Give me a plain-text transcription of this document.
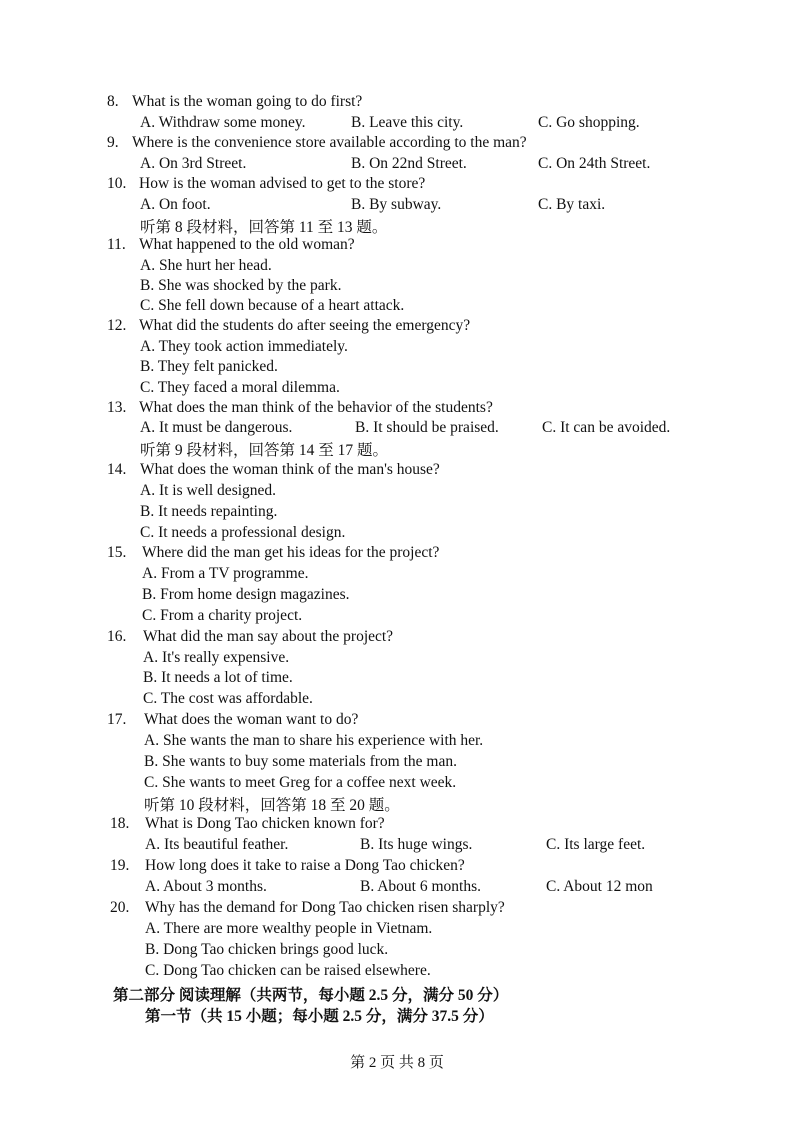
8. What is the woman going to do first?
A. Withdraw some money.	B. Leave this city.	C. Go shopping.
9. Where is the convenience store available according to the man?
A. On 3rd Street.	B. On 22nd Street.	C. On 24th Street.
10. How is the woman advised to get to the store?
A. On foot.	B. By subway.	C. By taxi.
听第 8 段材料，回答第 11 至 13 题。
11. What happened to the old woman?
A. She hurt her head.
B. She was shocked by the park.
C. She fell down because of a heart attack.
12. What did the students do after seeing the emergency?
A. They took action immediately.
B. They felt panicked.
C. They faced a moral dilemma.
13. What does the man think of the behavior of the students?
A. It must be dangerous.	B. It should be praised.	C. It can be avoided.
听第 9 段材料，回答第 14 至 17 题。
14. What does the woman think of the man's house?
A. It is well designed.
B. It needs repainting.
C. It needs a professional design.
15. Where did the man get his ideas for the project?
A. From a TV programme.
B. From home design magazines.
C. From a charity project.
16. What did the man say about the project?
A. It's really expensive.
B. It needs a lot of time.
C. The cost was affordable.
17. What does the woman want to do?
A. She wants the man to share his experience with her.
B. She wants to buy some materials from the man.
C. She wants to meet Greg for a coffee next week.
听第 10 段材料，回答第 18 至 20 题。
18. What is Dong Tao chicken known for?
A. Its beautiful feather.	B. Its huge wings.	C. Its large feet.
19. How long does it take to raise a Dong Tao chicken?
A. About 3 months.	B. About 6 months.	C. About 12 mon
20. Why has the demand for Dong Tao chicken risen sharply?
A. There are more wealthy people in Vietnam.
B. Dong Tao chicken brings good luck.
C. Dong Tao chicken can be raised elsewhere.
第二部分 阅读理解（共两节，每小题 2.5 分，满分 50 分）
第一节（共 15 小题；每小题 2.5 分，满分 37.5 分）
第 2 页 共 8 页
